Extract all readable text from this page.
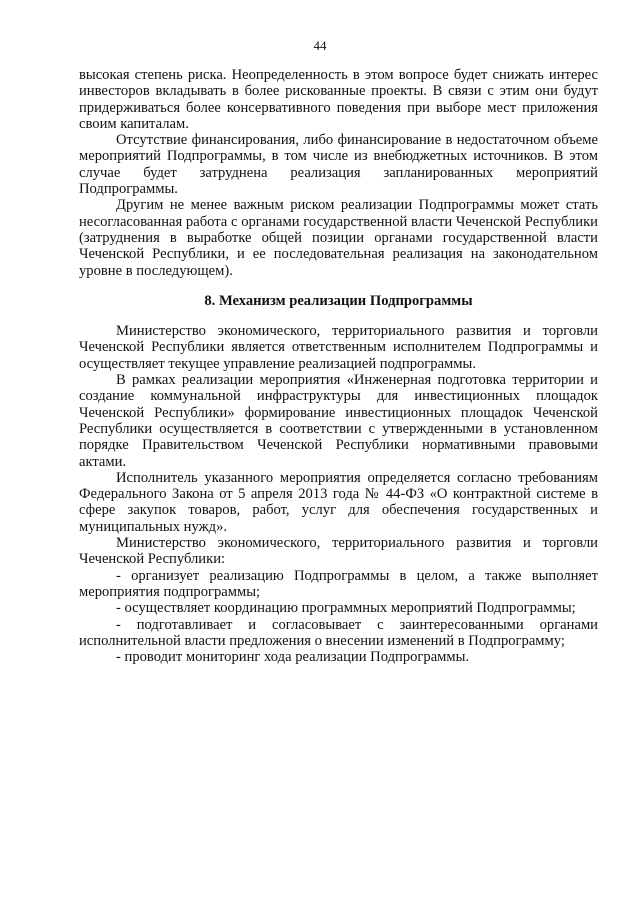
44

высокая степень риска. Неопределенность в этом вопросе будет снижать интерес инвесторов вкладывать в более рискованные проекты. В связи с этим они будут придерживаться более консервативного поведения при выборе мест приложения своим капиталам.

Отсутствие финансирования, либо финансирование в недостаточном объеме мероприятий Подпрограммы, в том числе из внебюджетных источников. В этом случае будет затруднена реализация запланированных мероприятий Подпрограммы.

Другим не менее важным риском реализации Подпрограммы может стать несогласованная работа с органами государственной власти Чеченской Республики (затруднения в выработке общей позиции органами государственной власти Чеченской Республики, и ее последовательная реализация на законодательном уровне в последующем).

8. Механизм реализации Подпрограммы

Министерство экономического, территориального развития и торговли Чеченской Республики является ответственным исполнителем Подпрограммы и осуществляет текущее управление реализацией подпрограммы.

В рамках реализации мероприятия «Инженерная подготовка территории и создание коммунальной инфраструктуры для инвестиционных площадок Чеченской Республики» формирование инвестиционных площадок Чеченской Республики осуществляется в соответствии с утвержденными в установленном порядке Правительством Чеченской Республики нормативными правовыми актами.

Исполнитель указанного мероприятия определяется согласно требованиям Федерального Закона от 5 апреля 2013 года № 44-ФЗ «О контрактной системе в сфере закупок товаров, работ, услуг для обеспечения государственных и муниципальных нужд».

Министерство экономического, территориального развития и торговли Чеченской Республики:

- организует реализацию Подпрограммы в целом, а также выполняет мероприятия подпрограммы;

- осуществляет координацию программных мероприятий Подпрограммы;

- подготавливает и согласовывает с заинтересованными органами исполнительной власти предложения о внесении изменений в Подпрограмму;

- проводит мониторинг хода реализации Подпрограммы.
